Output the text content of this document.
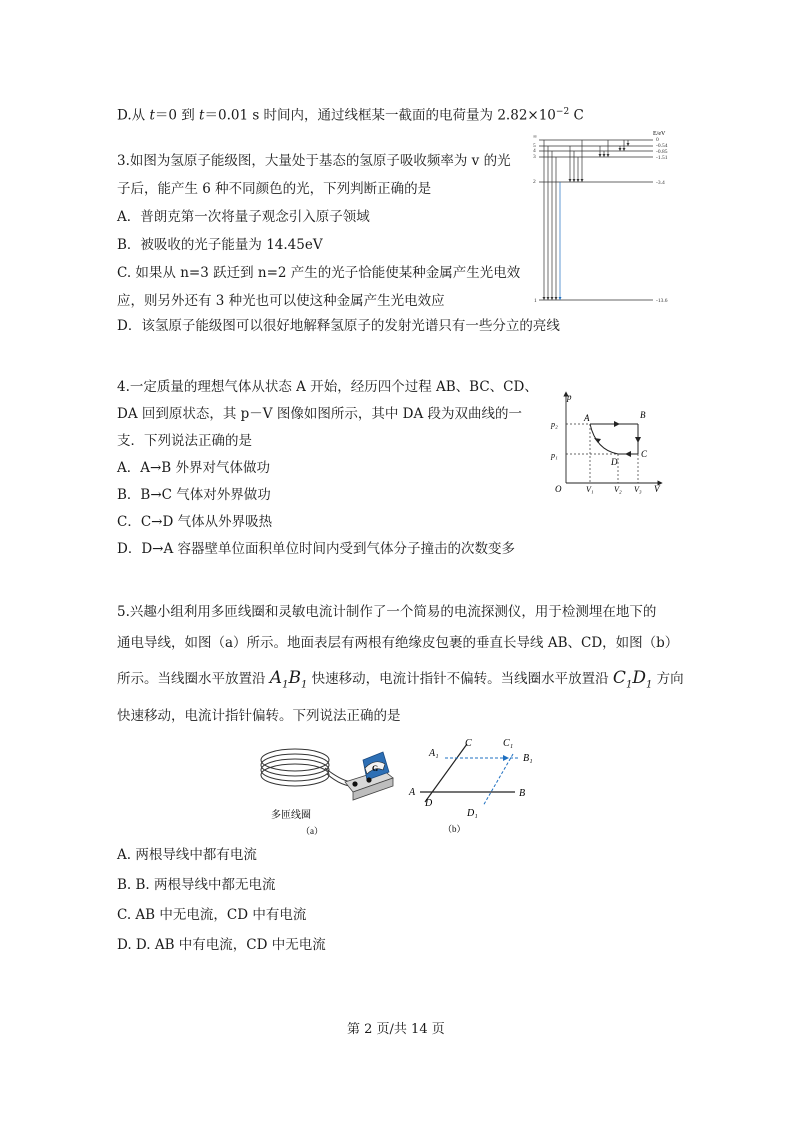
D.从 t＝0 到 t＝0.01 s 时间内，通过线框某一截面的电荷量为 $2.82\times 10^{-2}$ C
3.如图为氢原子能级图，大量处于基态的氢原子吸收频率为 v 的光
子后，能产生 6 种不同颜色的光，下列判断正确的是
A．普朗克第一次将量子观念引入原子领域
B．被吸收的光子能量为 14.45eV
C. 如果从 n=3 跃迁到 n=2 产生的光子恰能使某种金属产生光电效
应，则另外还有 3 种光也可以使这种金属产生光电效应
D．该氢原子能级图可以很好地解释氢原子的发射光谱只有一些分立的亮线
E/eV
∞
5
4
3
2
1
0
-0.54
-0.85
-1.51
-3.4
-13.6
4.一定质量的理想气体从状态 A 开始，经历四个过程 AB、BC、CD、
DA 回到原状态，其 p－V 图像如图所示，其中 DA 段为双曲线的一
支．下列说法正确的是
A．A→B 外界对气体做功
B．B→C 气体对外界做功
C．C→D 气体从外界吸热
D．D→A 容器壁单位面积单位时间内受到气体分子撞击的次数变多
p
V
O
p₂
p₁
V₁	V₂ V₃
A	B
C
D
5.兴趣小组利用多匝线圈和灵敏电流计制作了一个简易的电流探测仪，用于检测埋在地下的
通电导线，如图（a）所示。地面表层有两根有绝缘皮包裹的垂直长导线 AB、CD，如图（b）
所示。当线圈水平放置沿 $A_1B_1$ 快速移动，电流计指针不偏转。当线圈水平放置沿 $C_1D_1$ 方向
快速移动，电流计指针偏转。下列说法正确的是
G
多匝线圈
（a）
A	B
C
D
A₁	B₁
C₁
D₁
（b）
A. 两根导线中都有电流
B. B. 两根导线中都无电流
C. AB 中无电流，CD 中有电流
D. D. AB 中有电流，CD 中无电流
第 2 页/共 14 页
